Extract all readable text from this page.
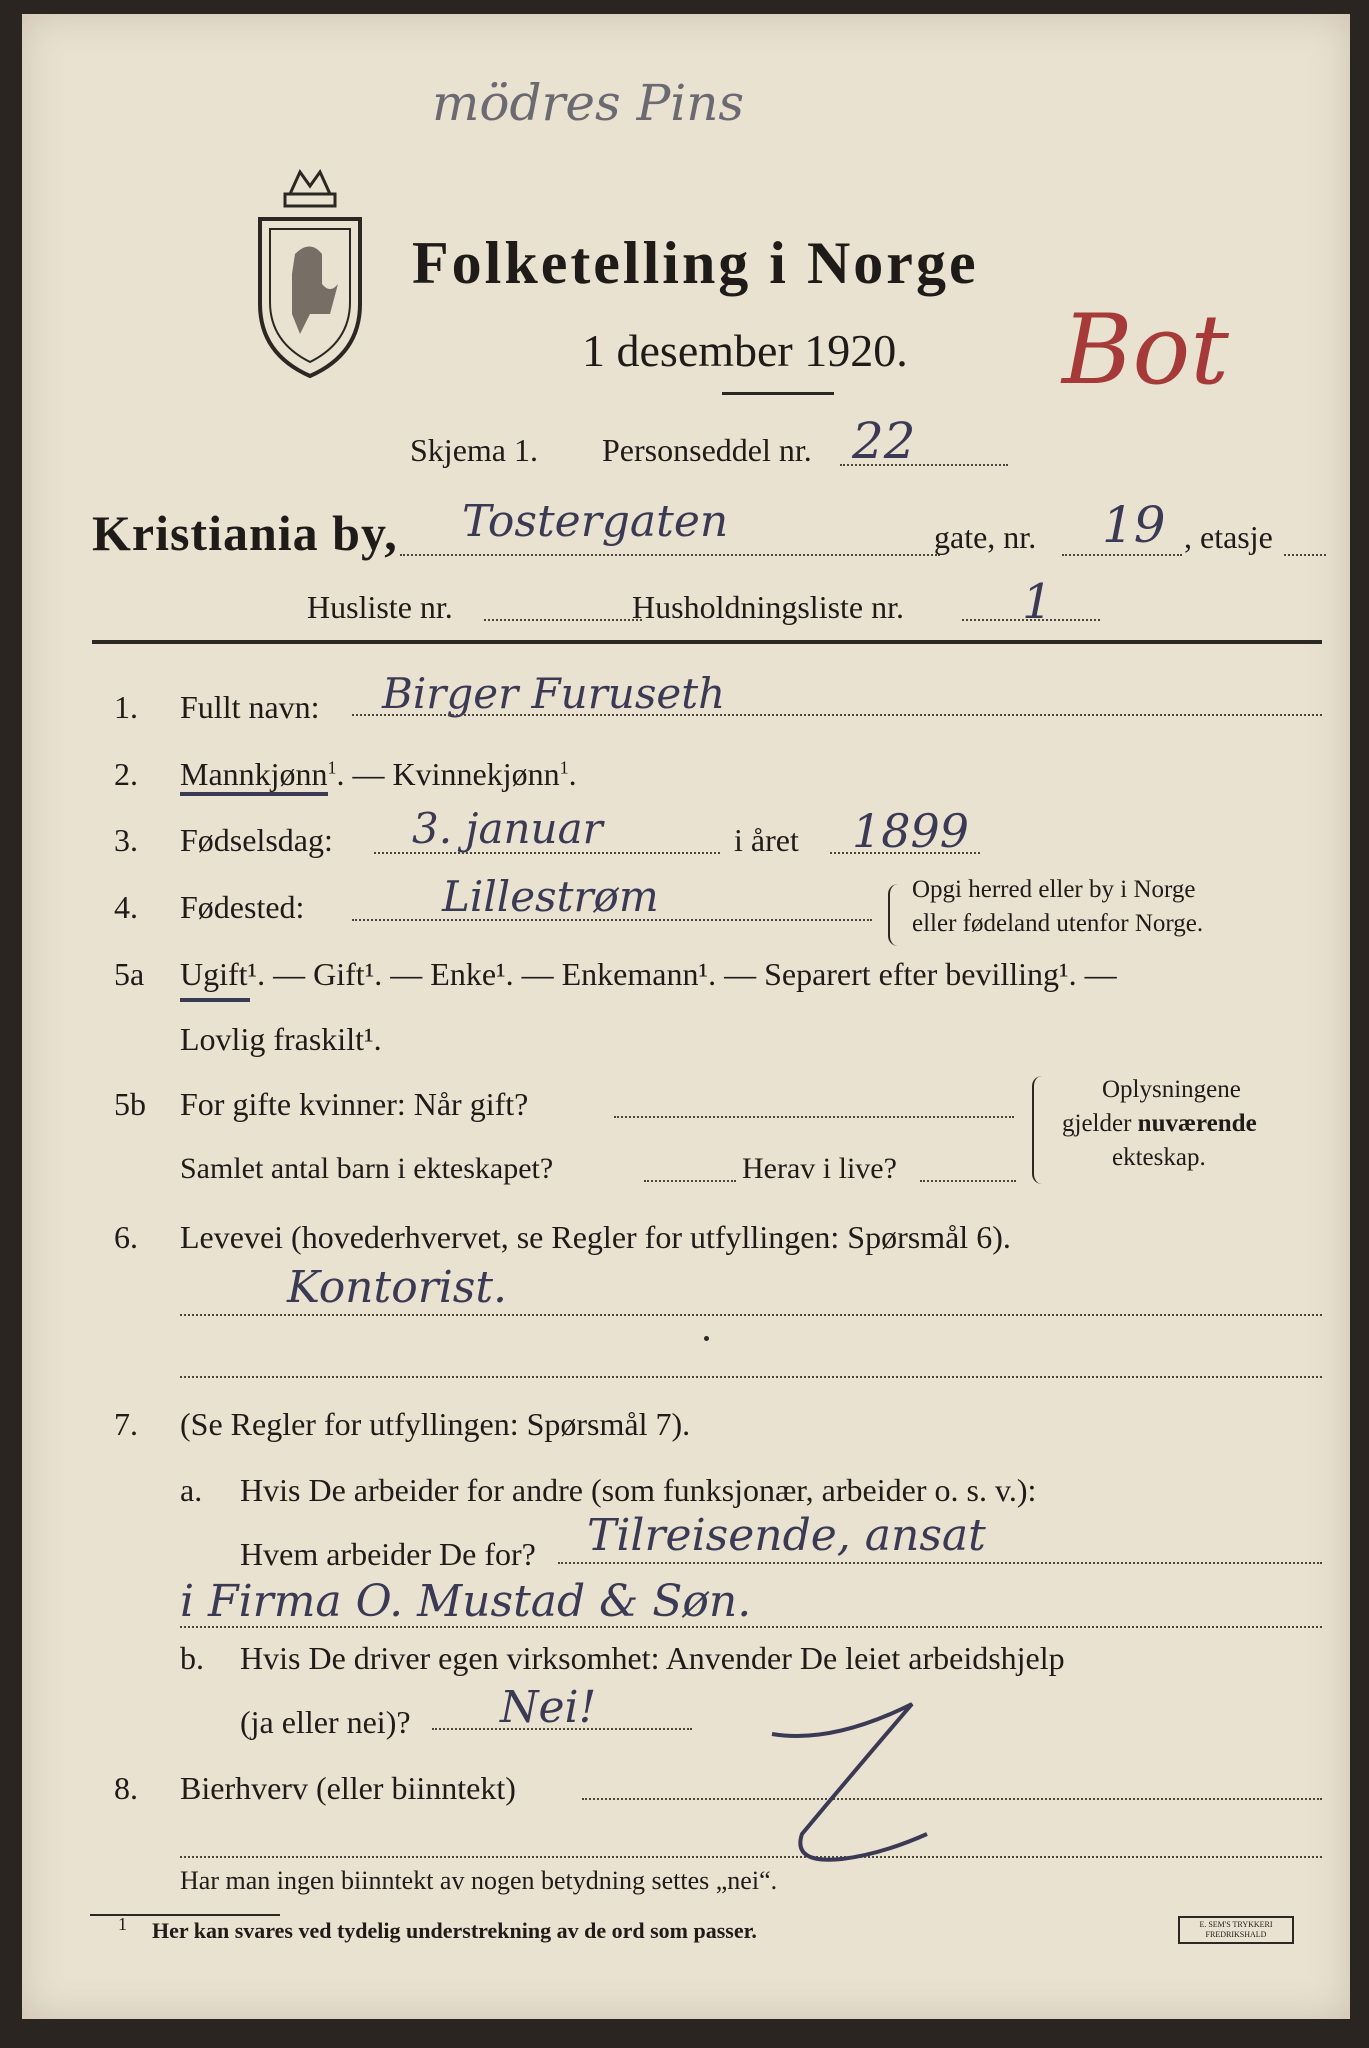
mödres Pins
Folketelling i Norge
1 desember 1920. Bot
Skjema 1. Personseddel nr. 22
Kristiania by, Tostergaten	gate, nr. 19 , etasje
Husliste nr.	Husholdningsliste nr. 1
1. Fullt navn: Birger Furuseth
2. Mannkjønn$^1$. — Kvinnekjønn$^1$.
3. Fødselsdag: 3. januar	i året 1899
4. Fødested:	Lillestrøm	Opgi herred eller by i Norge
eller fødeland utenfor Norge.
5a Ugift¹. — Gift¹. — Enke¹. — Enkemann¹. — Separert efter bevilling¹. —
Lovlig fraskilt¹.
5b For gifte kvinner: Når gift?
Samlet antal barn i ekteskapet?	Herav i live?
Oplysningene
gjelder nuværende
ekteskap.
6. Levevei (hovederhvervet, se Regler for utfyllingen: Spørsmål 6).
Kontorist.
7. (Se Regler for utfyllingen: Spørsmål 7).
a. Hvis De arbeider for andre (som funksjonær, arbeider o. s. v.):
Hvem arbeider De for? Tilreisende, ansat
i Firma O. Mustad & Søn.
b. Hvis De driver egen virksomhet: Anvender De leiet arbeidshjelp
(ja eller nei)? Nei!
8. Bierhverv (eller biinntekt)
Har man ingen biinntekt av nogen betydning settes „nei“.
1 Her kan svares ved tydelig understrekning av de ord som passer.	E. SEM'S TRYKKERI FREDRIKSHALD
